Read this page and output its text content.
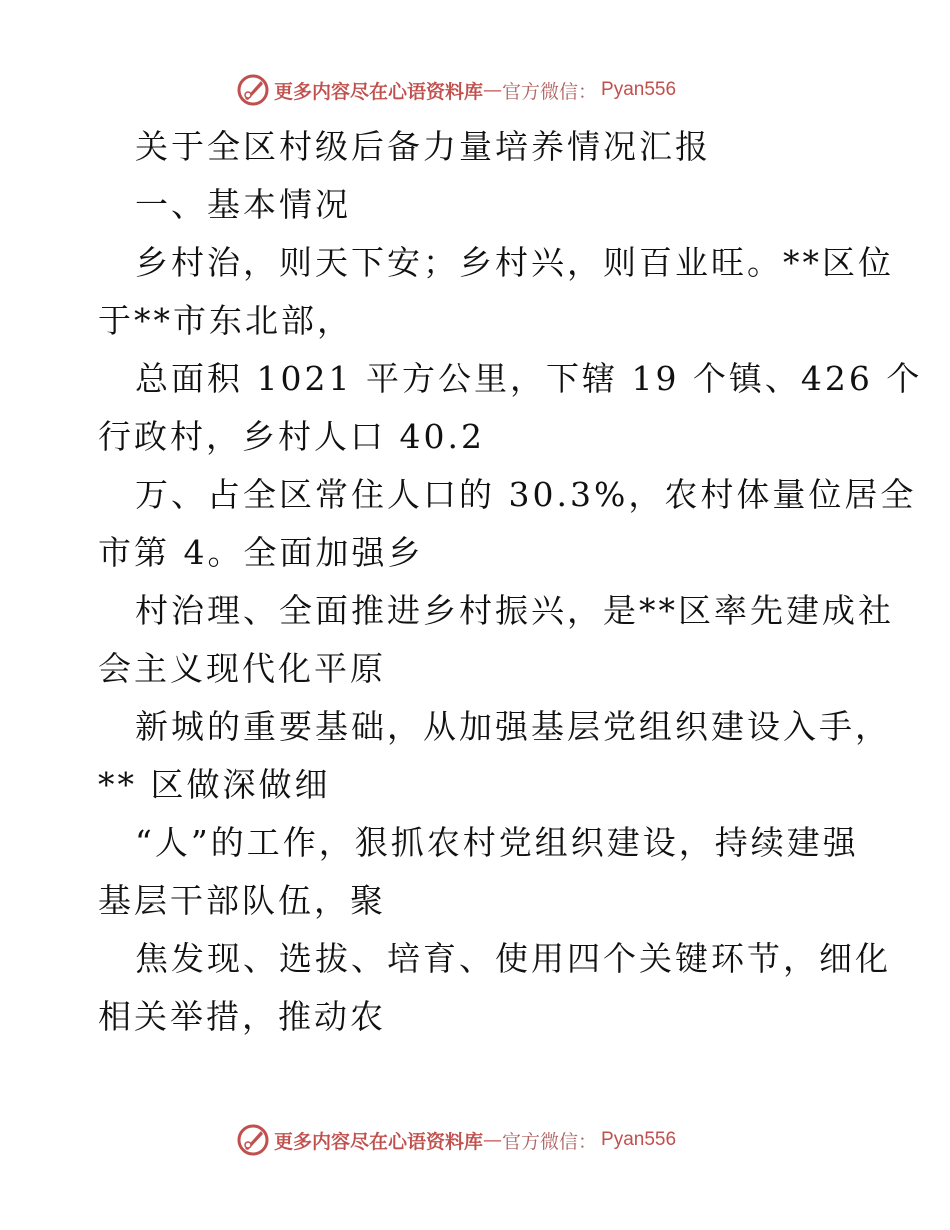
更多内容尽在心语资料库 — 官方微信： Pyan556

关于全区村级后备力量培养情况汇报

一、基本情况

乡村治，则天下安；乡村兴，则百业旺。**区位

于**市东北部，

总面积 1021 平方公里，下辖 19 个镇、426 个

行政村，乡村人口 40.2

万、占全区常住人口的 30.3%，农村体量位居全

市第 4。全面加强乡

村治理、全面推进乡村振兴，是**区率先建成社

会主义现代化平原

新城的重要基础，从加强基层党组织建设入手，

** 区做深做细

“人”的工作，狠抓农村党组织建设，持续建强

基层干部队伍，聚

焦发现、选拔、培育、使用四个关键环节，细化

相关举措，推动农

更多内容尽在心语资料库 — 官方微信： Pyan556
